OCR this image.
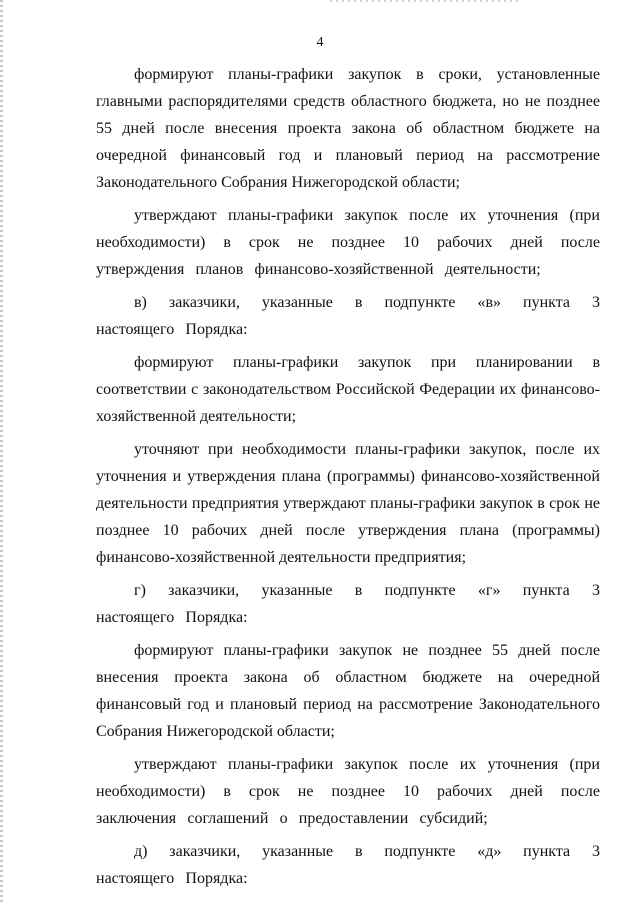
4

формируют планы-графики закупок в сроки, установленные главными распорядителями средств областного бюджета, но не позднее 55 дней после внесения проекта закона об областном бюджете на очередной финансовый год и плановый период на рассмотрение Законодательного Собрания Нижегородской области;

утверждают планы-графики закупок после их уточнения (при необходимости) в срок не позднее 10 рабочих дней после утверждения планов финансово-хозяйственной деятельности;

в) заказчики, указанные в подпункте «в» пункта 3 настоящего Порядка:

формируют планы-графики закупок при планировании в соответствии с законодательством Российской Федерации их финансово-хозяйственной деятельности;

уточняют при необходимости планы-графики закупок, после их уточнения и утверждения плана (программы) финансово-хозяйственной деятельности предприятия утверждают планы-графики закупок в срок не позднее 10 рабочих дней после утверждения плана (программы) финансово-хозяйственной деятельности предприятия;

г) заказчики, указанные в подпункте «г» пункта 3 настоящего Порядка:

формируют планы-графики закупок не позднее 55 дней после внесения проекта закона об областном бюджете на очередной финансовый год и плановый период на рассмотрение Законодательного Собрания Нижегородской области;

утверждают планы-графики закупок после их уточнения (при необходимости) в срок не позднее 10 рабочих дней после заключения соглашений о предоставлении субсидий;

д) заказчики, указанные в подпункте «д» пункта 3 настоящего Порядка:
